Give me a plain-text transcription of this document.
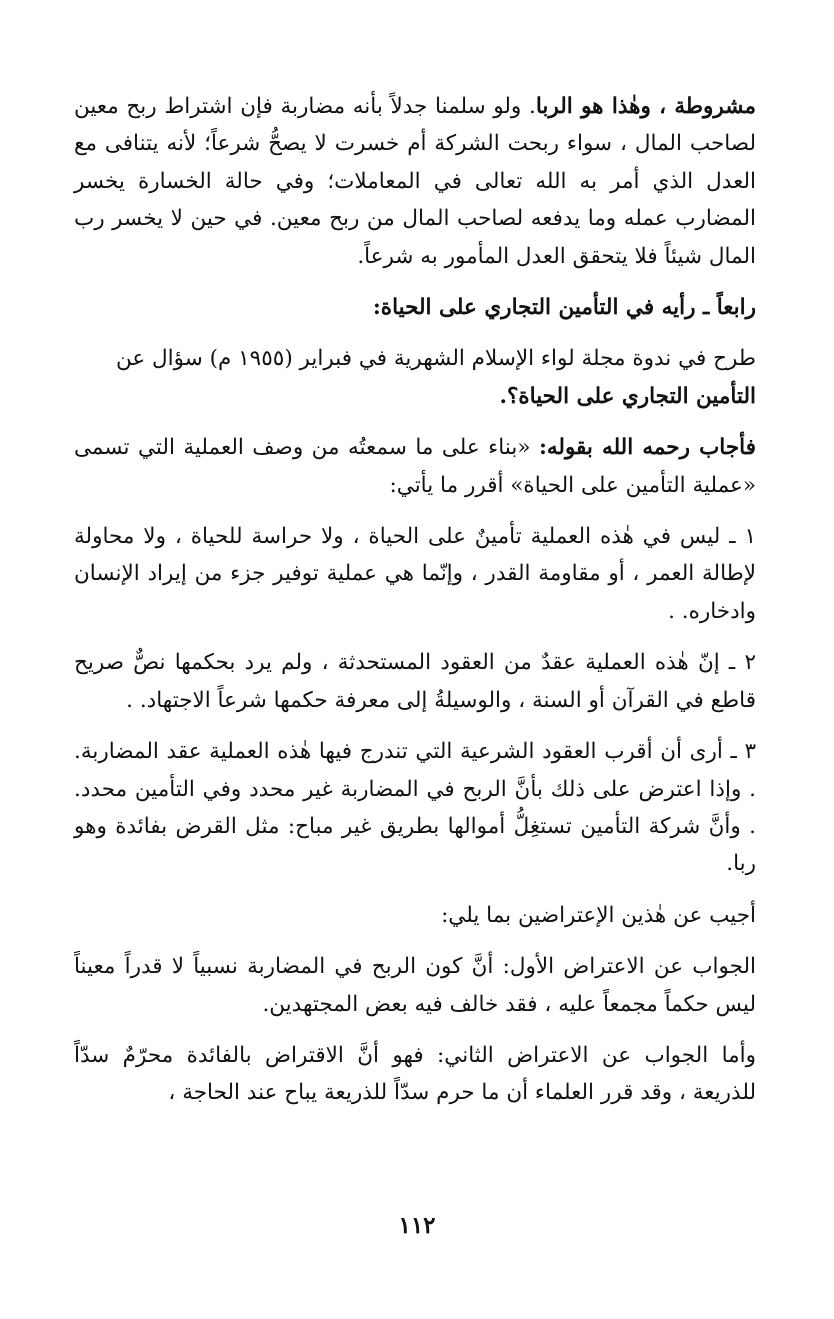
مشروطة ، وهٰذا هو الربا. ولو سلمنا جدلاً بأنه مضاربة فإن اشتراط ربح معين لصاحب المال ، سواء ربحت الشركة أم خسرت لا يصحُّ شرعاً؛ لأنه يتنافى مع العدل الذي أمر به الله تعالى في المعاملات؛ وفي حالة الخسارة يخسر المضارب عمله وما يدفعه لصاحب المال من ربح معين. في حين لا يخسر رب المال شيئاً فلا يتحقق العدل المأمور به شرعاً.

رابعاً ـ رأيه في التأمين التجاري على الحياة:

طرح في ندوة مجلة لواء الإسلام الشهرية في فبراير (١٩٥٥ م) سؤال عن
التأمين التجاري على الحياة؟.

فأجاب رحمه الله بقوله: «بناء على ما سمعتُه من وصف العملية التي تسمى «عملية التأمين على الحياة» أقرر ما يأتي:

١ ـ ليس في هٰذه العملية تأمينٌ على الحياة ، ولا حراسة للحياة ، ولا محاولة لإطالة العمر ، أو مقاومة القدر ، وإنّما هي عملية توفير جزء من إيراد الإنسان وادخاره. .

٢ ـ إنّ هٰذه العملية عقدٌ من العقود المستحدثة ، ولم يرد بحكمها نصٌّ صريح قاطع في القرآن أو السنة ، والوسيلةُ إلى معرفة حكمها شرعاً الاجتهاد. .

٣ ـ أرى أن أقرب العقود الشرعية التي تندرج فيها هٰذه العملية عقد المضاربة. . وإذا اعترض على ذلك بأنَّ الربح في المضاربة غير محدد وفي التأمين محدد. . وأنَّ شركة التأمين تستغِلُّ أموالها بطريق غير مباح: مثل القرض بفائدة وهو ربا.

أجيب عن هٰذين الإعتراضين بما يلي:

الجواب عن الاعتراض الأول: أنَّ كون الربح في المضاربة نسبياً لا قدراً معيناً ليس حكماً مجمعاً عليه ، فقد خالف فيه بعض المجتهدين.

وأما الجواب عن الاعتراض الثاني: فهو أنَّ الاقتراض بالفائدة محرّمٌ سدّاً للذريعة ، وقد قرر العلماء أن ما حرم سدّاً للذريعة يباح عند الحاجة ،

١١٢
